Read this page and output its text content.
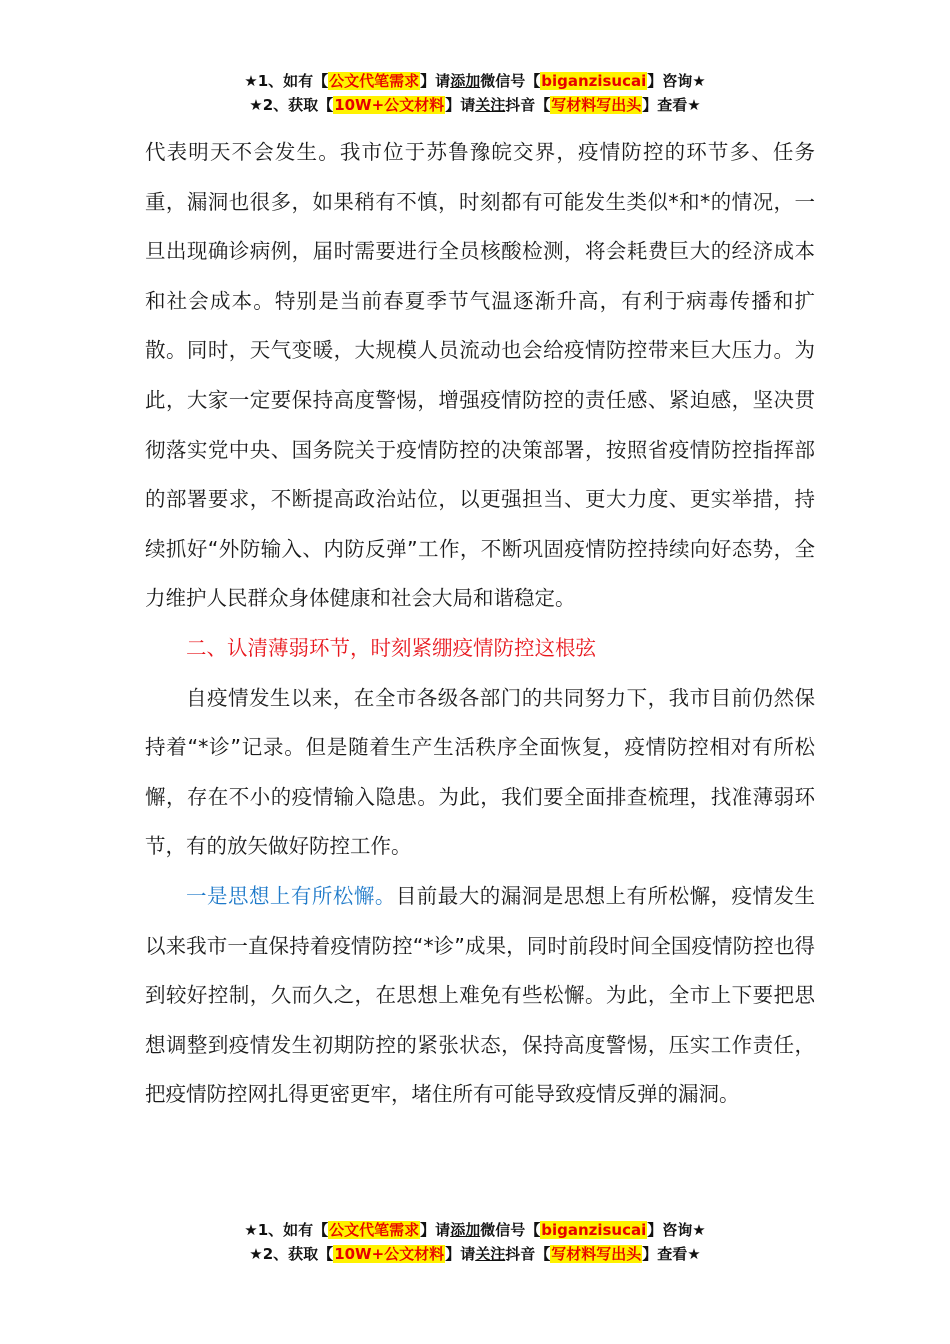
★1、如有【公文代笔需求】请添加微信号【biganzisucai】咨询★
★2、获取【10W+公文材料】请关注抖音【写材料写出头】查看★

代表明天不会发生。我市位于苏鲁豫皖交界，疫情防控的环节多、任务重，漏洞也很多，如果稍有不慎，时刻都有可能发生类似*和*的情况，一旦出现确诊病例，届时需要进行全员核酸检测，将会耗费巨大的经济成本和社会成本。特别是当前春夏季节气温逐渐升高，有利于病毒传播和扩散。同时，天气变暖，大规模人员流动也会给疫情防控带来巨大压力。为此，大家一定要保持高度警惕，增强疫情防控的责任感、紧迫感，坚决贯彻落实党中央、国务院关于疫情防控的决策部署，按照省疫情防控指挥部的部署要求，不断提高政治站位，以更强担当、更大力度、更实举措，持续抓好“外防输入、内防反弹”工作，不断巩固疫情防控持续向好态势，全力维护人民群众身体健康和社会大局和谐稳定。

二、认清薄弱环节，时刻紧绷疫情防控这根弦

自疫情发生以来，在全市各级各部门的共同努力下，我市目前仍然保持着“*诊”记录。但是随着生产生活秩序全面恢复，疫情防控相对有所松懈，存在不小的疫情输入隐患。为此，我们要全面排查梳理，找准薄弱环节，有的放矢做好防控工作。

一是思想上有所松懈。目前最大的漏洞是思想上有所松懈，疫情发生以来我市一直保持着疫情防控“*诊”成果，同时前段时间全国疫情防控也得到较好控制，久而久之，在思想上难免有些松懈。为此，全市上下要把思想调整到疫情发生初期防控的紧张状态，保持高度警惕，压实工作责任，把疫情防控网扎得更密更牢，堵住所有可能导致疫情反弹的漏洞。

★1、如有【公文代笔需求】请添加微信号【biganzisucai】咨询★
★2、获取【10W+公文材料】请关注抖音【写材料写出头】查看★
